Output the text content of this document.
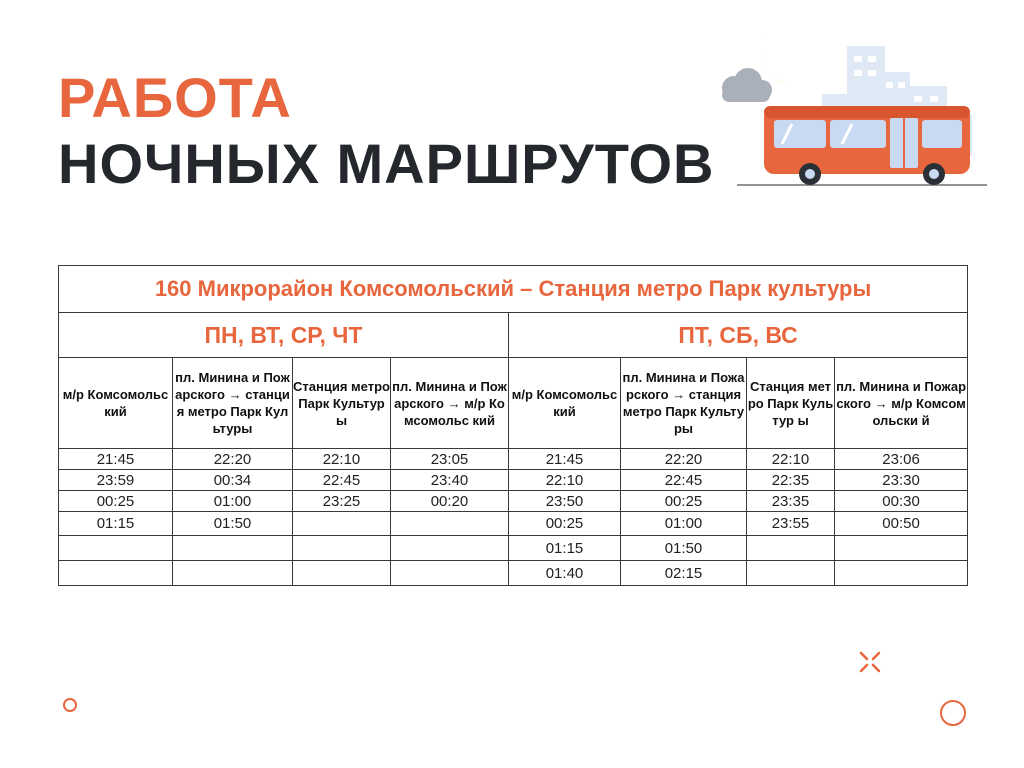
РАБОТА
НОЧНЫХ МАРШРУТОВ
160 Микрорайон Комсомольский – Станция метро Парк культуры							
ПН, ВТ, СР, ЧТ				ПТ, СБ, ВС			
м/р Комсомольс кий	пл. Минина и Пожарского → станция метро Парк Культуры	Станция метро Парк Культуры	пл. Минина и Пожарского → м/р Комсомольс кий	м/р Комсомольс кий	пл. Минина и Пожарского → станция метро Парк Культуры	Станция метро Парк Культур ы	пл. Минина и Пожарского → м/р Комсомольски й
21:45	22:20	22:10	23:05	21:45	22:20	22:10	23:06
23:59	00:34	22:45	23:40	22:10	22:45	22:35	23:30
00:25	01:00	23:25	00:20	23:50	00:25	23:35	00:30
01:15	01:50			00:25	01:00	23:55	00:50
				01:15	01:50		
				01:40	02:15		
